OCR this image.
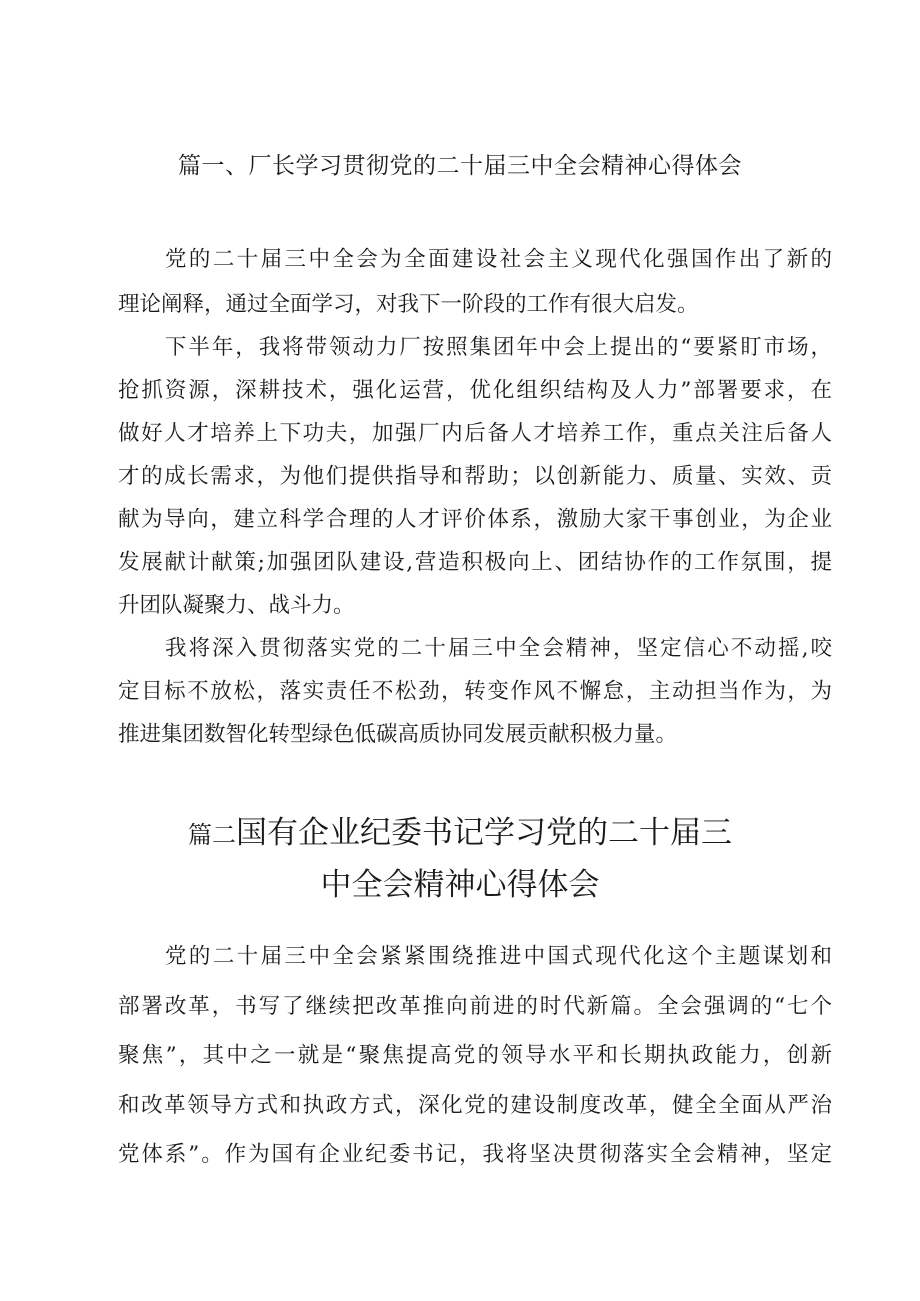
篇一、厂长学习贯彻党的二十届三中全会精神心得体会
党的二十届三中全会为全面建设社会主义现代化强国作出了新的
理论阐释，通过全面学习，对我下一阶段的工作有很大启发。
下半年，我将带领动力厂按照集团年中会上提出的“要紧盯市场，
抢抓资源，深耕技术，强化运营，优化组织结构及人力”部署要求，在
做好人才培养上下功夫，加强厂内后备人才培养工作，重点关注后备人
才的成长需求，为他们提供指导和帮助；以创新能力、质量、实效、贡
献为导向，建立科学合理的人才评价体系，激励大家干事创业，为企业
发展献计献策;加强团队建设,营造积极向上、团结协作的工作氛围，提
升团队凝聚力、战斗力。
我将深入贯彻落实党的二十届三中全会精神，坚定信心不动摇,咬
定目标不放松，落实责任不松劲，转变作风不懈怠，主动担当作为，为
推进集团数智化转型绿色低碳高质协同发展贡献积极力量。
篇二国有企业纪委书记学习党的二十届三
中全会精神心得体会
党的二十届三中全会紧紧围绕推进中国式现代化这个主题谋划和
部署改革，书写了继续把改革推向前进的时代新篇。全会强调的“七个
聚焦”，其中之一就是“聚焦提高党的领导水平和长期执政能力，创新
和改革领导方式和执政方式，深化党的建设制度改革，健全全面从严治
党体系”。作为国有企业纪委书记，我将坚决贯彻落实全会精神，坚定
